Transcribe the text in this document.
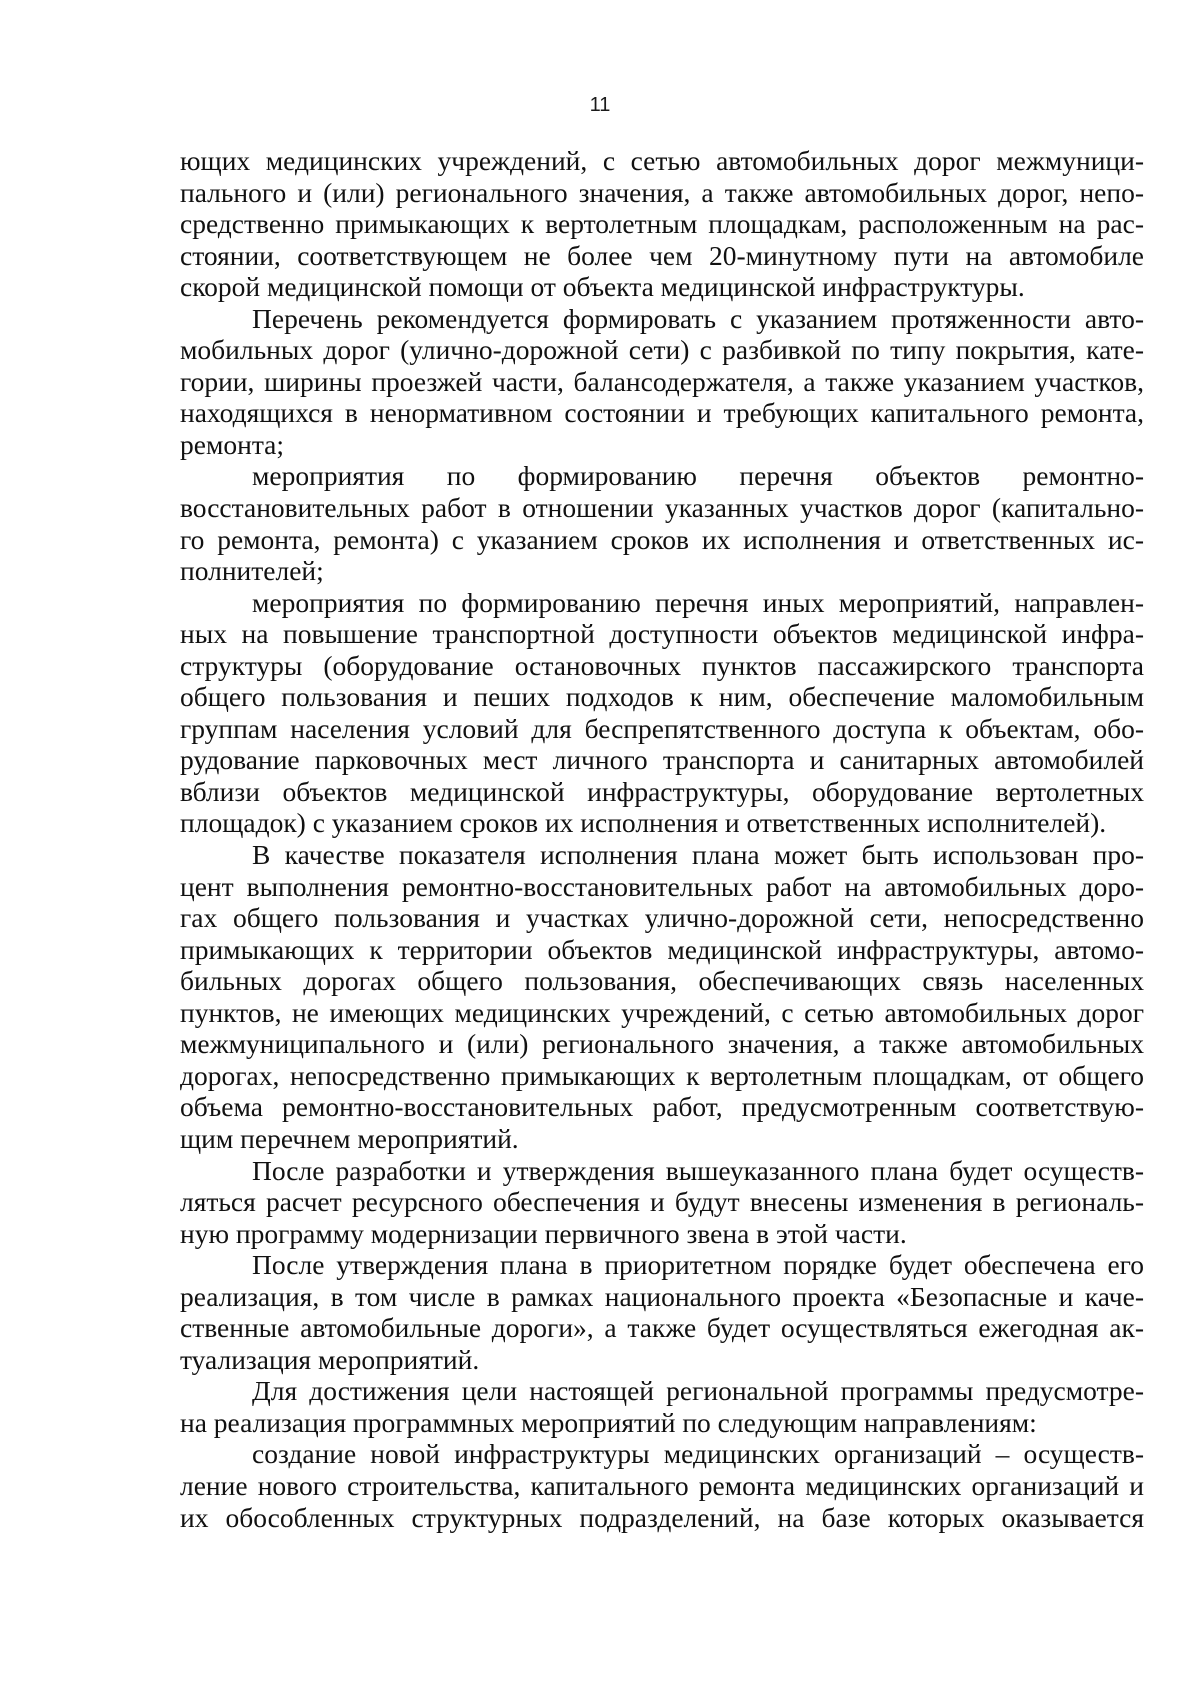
11
ющих медицинских учреждений, с сетью автомобильных дорог межмуници-
пального и (или) регионального значения, а также автомобильных дорог, непо-
средственно примыкающих к вертолетным площадкам, расположенным на рас-
стоянии, соответствующем не более чем 20-минутному пути на автомобиле
скорой медицинской помощи от объекта медицинской инфраструктуры.
Перечень рекомендуется формировать с указанием протяженности авто-
мобильных дорог (улично-дорожной сети) с разбивкой по типу покрытия, кате-
гории, ширины проезжей части, балансодержателя, а также указанием участков,
находящихся в ненормативном состоянии и требующих капитального ремонта,
ремонта;
мероприятия по формированию перечня объектов ремонтно-
восстановительных работ в отношении указанных участков дорог (капитально-
го ремонта, ремонта) с указанием сроков их исполнения и ответственных ис-
полнителей;
мероприятия по формированию перечня иных мероприятий, направлен-
ных на повышение транспортной доступности объектов медицинской инфра-
структуры (оборудование остановочных пунктов пассажирского транспорта
общего пользования и пеших подходов к ним, обеспечение маломобильным
группам населения условий для беспрепятственного доступа к объектам, обо-
рудование парковочных мест личного транспорта и санитарных автомобилей
вблизи объектов медицинской инфраструктуры, оборудование вертолетных
площадок) с указанием сроков их исполнения и ответственных исполнителей).
В качестве показателя исполнения плана может быть использован про-
цент выполнения ремонтно-восстановительных работ на автомобильных доро-
гах общего пользования и участках улично-дорожной сети, непосредственно
примыкающих к территории объектов медицинской инфраструктуры, автомо-
бильных дорогах общего пользования, обеспечивающих связь населенных
пунктов, не имеющих медицинских учреждений, с сетью автомобильных дорог
межмуниципального и (или) регионального значения, а также автомобильных
дорогах, непосредственно примыкающих к вертолетным площадкам, от общего
объема ремонтно-восстановительных работ, предусмотренным соответствую-
щим перечнем мероприятий.
После разработки и утверждения вышеуказанного плана будет осуществ-
ляться расчет ресурсного обеспечения и будут внесены изменения в региональ-
ную программу модернизации первичного звена в этой части.
После утверждения плана в приоритетном порядке будет обеспечена его
реализация, в том числе в рамках национального проекта «Безопасные и каче-
ственные автомобильные дороги», а также будет осуществляться ежегодная ак-
туализация мероприятий.
Для достижения цели настоящей региональной программы предусмотре-
на реализация программных мероприятий по следующим направлениям:
создание новой инфраструктуры медицинских организаций – осуществ-
ление нового строительства, капитального ремонта медицинских организаций и
их обособленных структурных подразделений, на базе которых оказывается
